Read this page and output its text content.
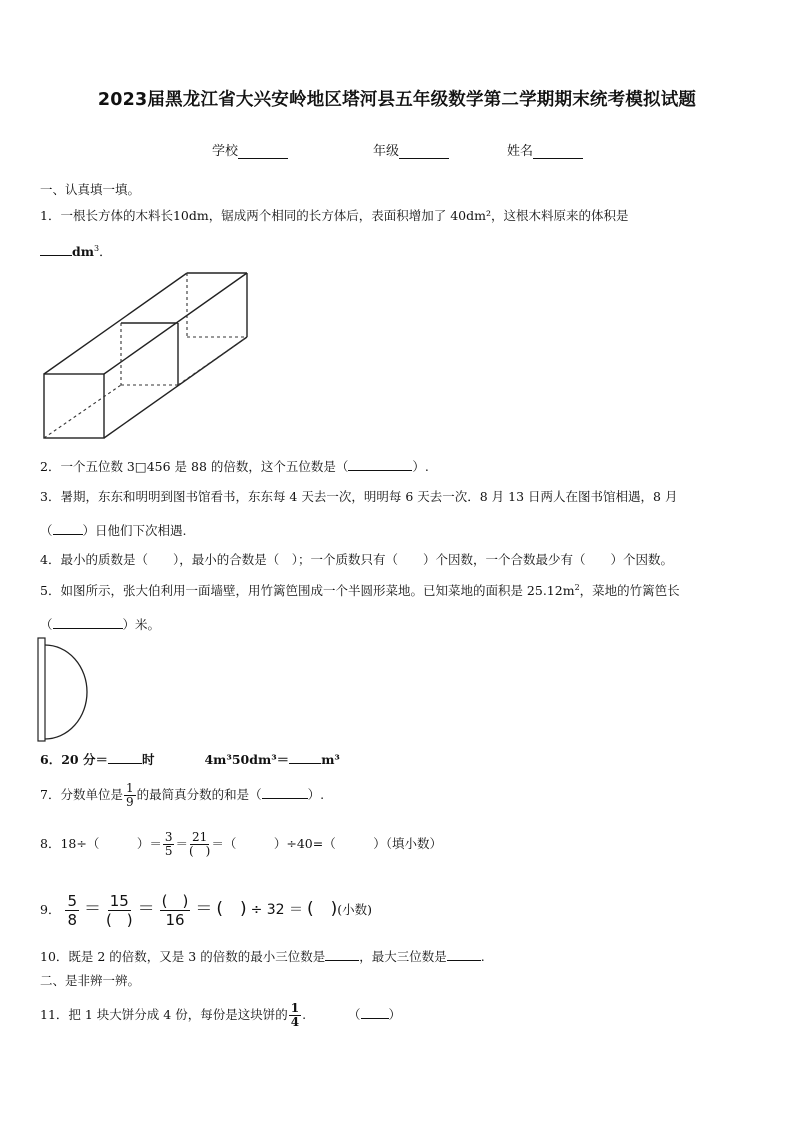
2023届黑龙江省大兴安岭地区塔河县五年级数学第二学期期末统考模拟试题
学校	年级	姓名
一、认真填一填。
1．一根长方体的木料长10dm，锯成两个相同的长方体后，表面积增加了 40dm²，这根木料原来的体积是
$dm^3$．
2．一个五位数 3□456 是 88 的倍数，这个五位数是（	）.
3．暑期，东东和明明到图书馆看书，东东每 4 天去一次，明明每 6 天去一次．8 月 13 日两人在图书馆相遇，8 月
（ ）日他们下次相遇.
4．最小的质数是（　　），最小的合数是（　）；一个质数只有（　　）个因数，一个合数最少有（　　）个因数。
5．如图所示，张大伯利用一面墙壁，用竹篱笆围成一个半圆形菜地。已知菜地的面积是 $25.12m^2$，菜地的竹篱笆长
（	）米。
6．20 分＝	时	4m³50dm³＝	m³
7．分数单位是 $\frac{1}{9}$ 的最简真分数的和是（	）.
8．18÷（　　　）＝ $\frac{3}{5} = \frac{21}{( )}$ ＝（　　　）÷40=（　　　）（填小数）
9． $\frac{5}{8} = \frac{15}{( )} = \frac{( )}{16}$ ＝ (　) ÷ 32 ＝ (　)(小数)
10．既是 2 的倍数，又是 3 的倍数的最小三位数是	，最大三位数是	.
二、是非辨一辨。
11．把 1 块大饼分成 4 份，每份是这块饼的 $\frac{1}{4}$ .	（ ）
